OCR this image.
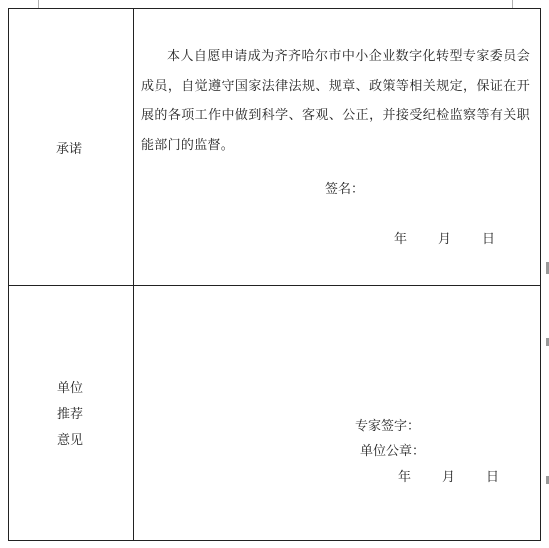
承诺
本人自愿申请成为齐齐哈尔市中小企业数字化转型专家委员会成员，自觉遵守国家法律法规、规章、政策等相关规定，保证在开展的各项工作中做到科学、客观、公正，并接受纪检监察等有关职能部门的监督。
签名：
年 月 日
单位
推荐
意见
专家签字：
单位公章：
年 月 日
